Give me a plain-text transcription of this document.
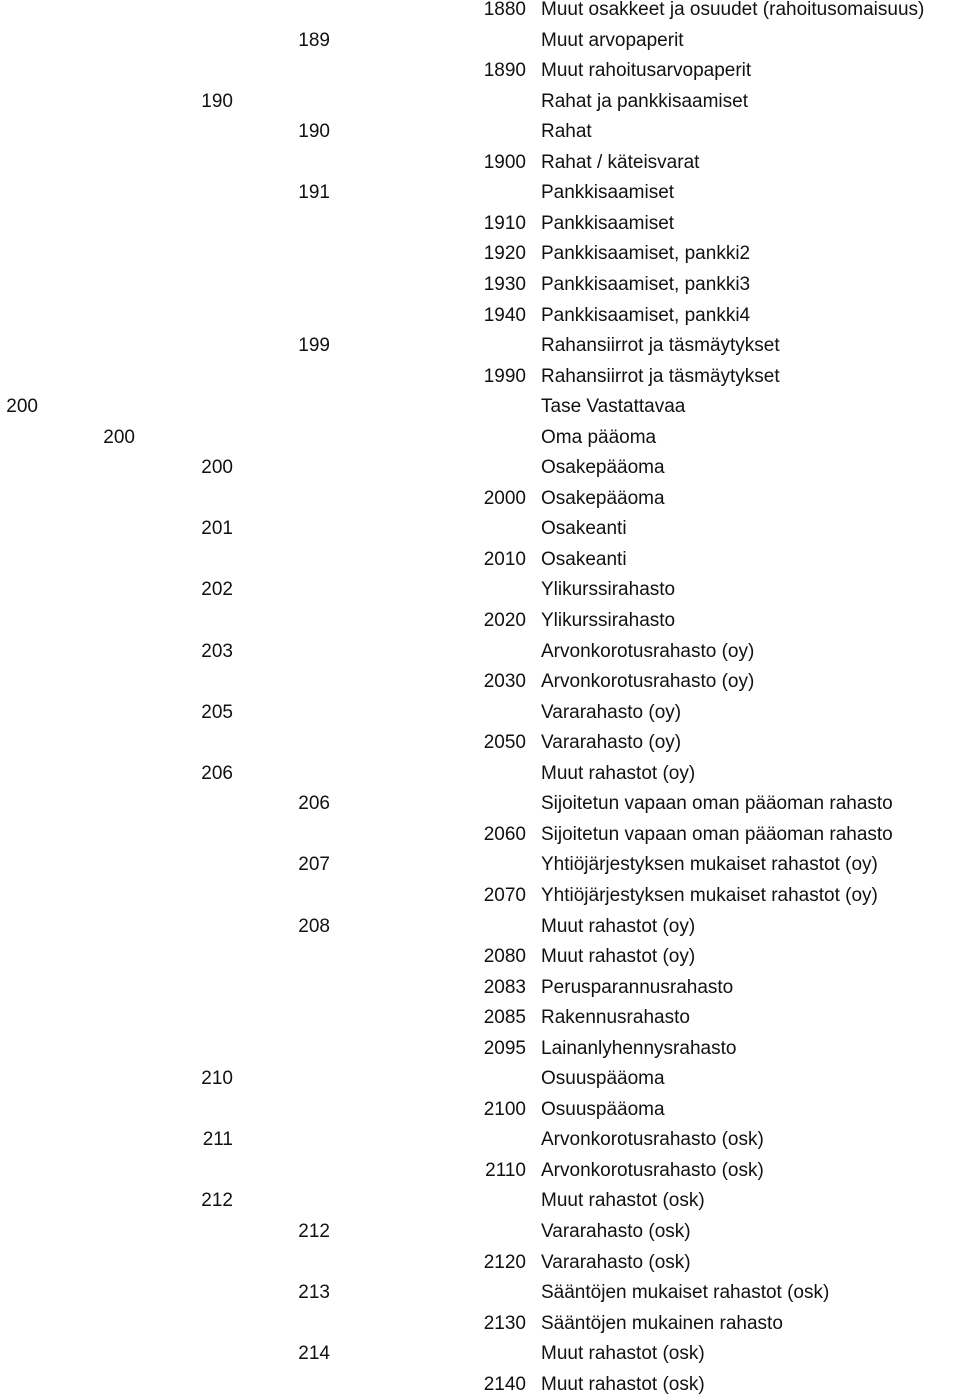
1880 Muut osakkeet ja osuudet (rahoitusomaisuus)
189	Muut arvopaperit
1890 Muut rahoitusarvopaperit
190	Rahat ja pankkisaamiset
190	Rahat
1900 Rahat / käteisvarat
191	Pankkisaamiset
1910 Pankkisaamiset
1920 Pankkisaamiset, pankki2
1930 Pankkisaamiset, pankki3
1940 Pankkisaamiset, pankki4
199	Rahansiirrot ja täsmäytykset
1990 Rahansiirrot ja täsmäytykset
200	Tase Vastattavaa
200	Oma pääoma
200	Osakepääoma
2000 Osakepääoma
201	Osakeanti
2010 Osakeanti
202	Ylikurssirahasto
2020 Ylikurssirahasto
203	Arvonkorotusrahasto (oy)
2030 Arvonkorotusrahasto (oy)
205	Vararahasto (oy)
2050 Vararahasto (oy)
206	Muut rahastot (oy)
206	Sijoitetun vapaan oman pääoman rahasto
2060 Sijoitetun vapaan oman pääoman rahasto
207	Yhtiöjärjestyksen mukaiset rahastot (oy)
2070 Yhtiöjärjestyksen mukaiset rahastot (oy)
208	Muut rahastot (oy)
2080 Muut rahastot (oy)
2083 Perusparannusrahasto
2085 Rakennusrahasto
2095 Lainanlyhennysrahasto
210	Osuuspääoma
2100 Osuuspääoma
211	Arvonkorotusrahasto (osk)
2110 Arvonkorotusrahasto (osk)
212	Muut rahastot (osk)
212	Vararahasto (osk)
2120 Vararahasto (osk)
213	Sääntöjen mukaiset rahastot (osk)
2130 Sääntöjen mukainen rahasto
214	Muut rahastot (osk)
2140 Muut rahastot (osk)
